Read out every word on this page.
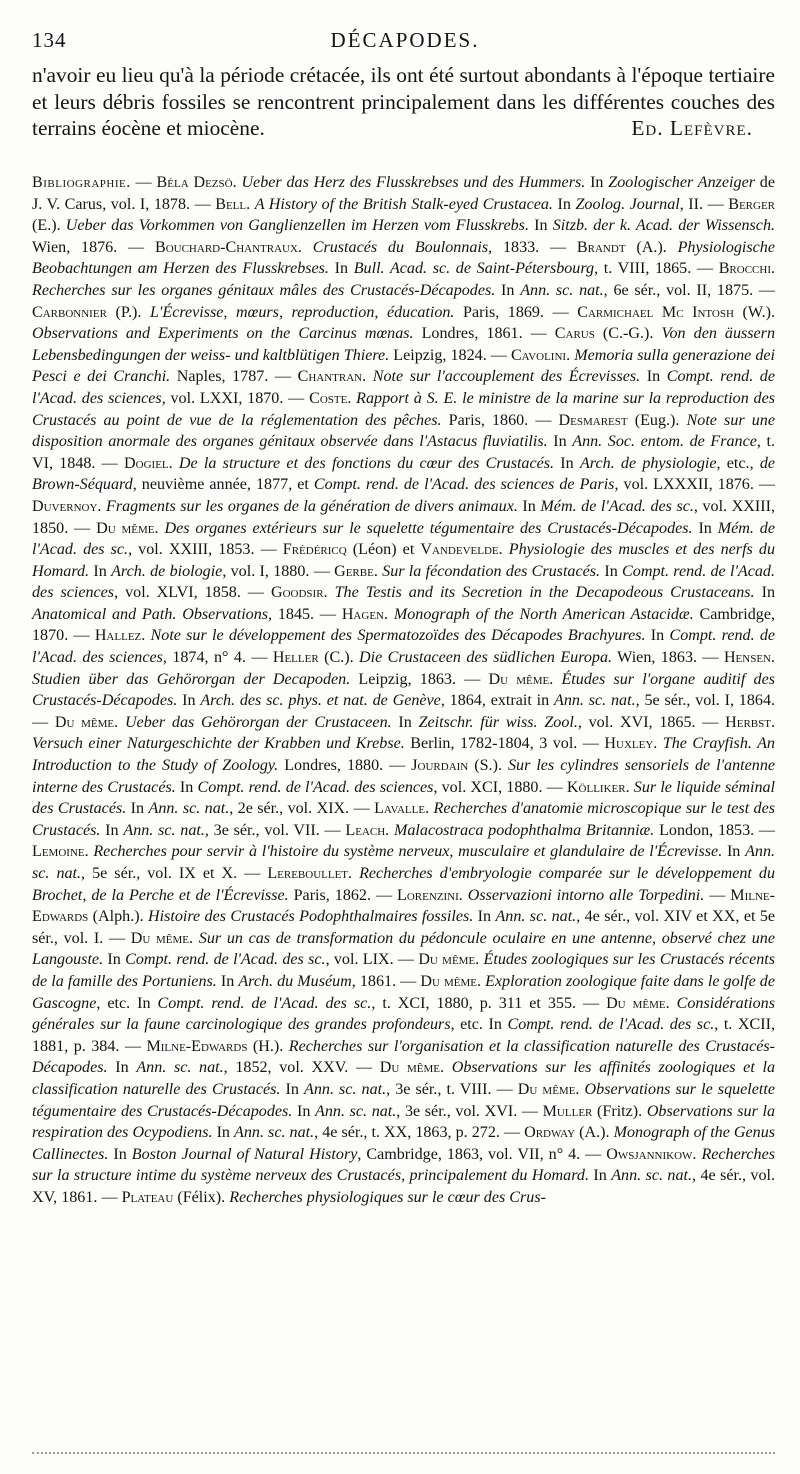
134	DÉCAPODES.
n'avoir eu lieu qu'à la période crétacée, ils ont été surtout abondants à l'époque tertiaire et leurs débris fossiles se rencontrent principalement dans les différentes couches des terrains éocène et miocène.	Ed. Lefèvre.
Bibliographie. — Béla Dezsö. Ueber das Herz des Flusskrebses und des Hummers. In Zoologischer Anzeiger de J. V. Carus, vol. I, 1878. — Bell. A History of the British Stalk-eyed Crustacea. In Zoolog. Journal, II. — Berger (E.). Ueber das Vorkommen von Ganglienzellen im Herzen vom Flusskrebs. In Sitzb. der k. Acad. der Wissensch. Wien, 1876. — Bouchard-Chantraux. Crustacés du Boulonnais, 1833. — Brandt (A.). Physiologische Beobachtungen am Herzen des Flusskrebses. In Bull. Acad. sc. de Saint-Pétersbourg, t. VIII, 1865. — Brocchi. Recherches sur les organes génitaux mâles des Crustacés-Décapodes. In Ann. sc. nat., 6e sér., vol. II, 1875. — Carbonnier (P.). L'Écrevisse, mœurs, reproduction, éducation. Paris, 1869. — Carmichael Mc Intosh (W.). Observations and Experiments on the Carcinus mœnas. Londres, 1861. — Carus (C.-G.). Von den äussern Lebensbedingungen der weiss- und kaltblütigen Thiere. Leipzig, 1824. — Cavolini. Memoria sulla generazione dei Pesci e dei Cranchi. Naples, 1787. — Chantran. Note sur l'accouplement des Écrevisses. In Compt. rend. de l'Acad. des sciences, vol. LXXI, 1870. — Coste. Rapport à S. E. le ministre de la marine sur la reproduction des Crustacés au point de vue de la réglementation des pêches. Paris, 1860. — Desmarest (Eug.). Note sur une disposition anormale des organes génitaux observée dans l'Astacus fluviatilis. In Ann. Soc. entom. de France, t. VI, 1848. — Dogiel. De la structure et des fonctions du cœur des Crustacés. In Arch. de physiologie, etc., de Brown-Séquard, neuvième année, 1877, et Compt. rend. de l'Acad. des sciences de Paris, vol. LXXXII, 1876. — Duvernoy. Fragments sur les organes de la génération de divers animaux. In Mém. de l'Acad. des sc., vol. XXIII, 1850. — Du même. Des organes extérieurs sur le squelette tégumentaire des Crustacés-Décapodes. In Mém. de l'Acad. des sc., vol. XXIII, 1853. — Frédéricq (Léon) et Vandevelde. Physiologie des muscles et des nerfs du Homard. In Arch. de biologie, vol. I, 1880. — Gerbe. Sur la fécondation des Crustacés. In Compt. rend. de l'Acad. des sciences, vol. XLVI, 1858. — Goodsir. The Testis and its Secretion in the Decapodeous Crustaceans. In Anatomical and Path. Observations, 1845. — Hagen. Monograph of the North American Astacidæ. Cambridge, 1870. — Hallez. Note sur le développement des Spermatozoïdes des Décapodes Brachyures. In Compt. rend. de l'Acad. des sciences, 1874, n° 4. — Heller (C.). Die Crustaceen des südlichen Europa. Wien, 1863. — Hensen. Studien über das Gehörorgan der Decapoden. Leipzig, 1863. — Du même. Études sur l'organe auditif des Crustacés-Décapodes. In Arch. des sc. phys. et nat. de Genève, 1864, extrait in Ann. sc. nat., 5e sér., vol. I, 1864. — Du même. Ueber das Gehörorgan der Crustaceen. In Zeitschr. für wiss. Zool., vol. XVI, 1865. — Herbst. Versuch einer Naturgeschichte der Krabben und Krebse. Berlin, 1782-1804, 3 vol. — Huxley. The Crayfish. An Introduction to the Study of Zoology. Londres, 1880. — Jourdain (S.). Sur les cylindres sensoriels de l'antenne interne des Crustacés. In Compt. rend. de l'Acad. des sciences, vol. XCI, 1880. — Kölliker. Sur le liquide séminal des Crustacés. In Ann. sc. nat., 2e sér., vol. XIX. — Lavalle. Recherches d'anatomie microscopique sur le test des Crustacés. In Ann. sc. nat., 3e sér., vol. VII. — Leach. Malacostraca podophthalma Britanniæ. London, 1853. — Lemoine. Recherches pour servir à l'histoire du système nerveux, musculaire et glandulaire de l'Écrevisse. In Ann. sc. nat., 5e sér., vol. IX et X. — Lereboullet. Recherches d'embryologie comparée sur le développement du Brochet, de la Perche et de l'Écrevisse. Paris, 1862. — Lorenzini. Osservazioni intorno alle Torpedini. — Milne-Edwards (Alph.). Histoire des Crustacés Podophthalmaires fossiles. In Ann. sc. nat., 4e sér., vol. XIV et XX, et 5e sér., vol. I. — Du même. Sur un cas de transformation du pédoncule oculaire en une antenne, observé chez une Langouste. In Compt. rend. de l'Acad. des sc., vol. LIX. — Du même. Études zoologiques sur les Crustacés récents de la famille des Portuniens. In Arch. du Muséum, 1861. — Du même. Exploration zoologique faite dans le golfe de Gascogne, etc. In Compt. rend. de l'Acad. des sc., t. XCI, 1880, p. 311 et 355. — Du même. Considérations générales sur la faune carcinologique des grandes profondeurs, etc. In Compt. rend. de l'Acad. des sc., t. XCII, 1881, p. 384. — Milne-Edwards (H.). Recherches sur l'organisation et la classification naturelle des Crustacés-Décapodes. In Ann. sc. nat., 1852, vol. XXV. — Du même. Observations sur les affinités zoologiques et la classification naturelle des Crustacés. In Ann. sc. nat., 3e sér., t. VIII. — Du même. Observations sur le squelette tégumentaire des Crustacés-Décapodes. In Ann. sc. nat., 3e sér., vol. XVI. — Muller (Fritz). Observations sur la respiration des Ocypodiens. In Ann. sc. nat., 4e sér., t. XX, 1863, p. 272. — Ordway (A.). Monograph of the Genus Callinectes. In Boston Journal of Natural History, Cambridge, 1863, vol. VII, n° 4. — Owsjannikow. Recherches sur la structure intime du système nerveux des Crustacés, principalement du Homard. In Ann. sc. nat., 4e sér., vol. XV, 1861. — Plateau (Félix). Recherches physiologiques sur le cœur des Crus-
